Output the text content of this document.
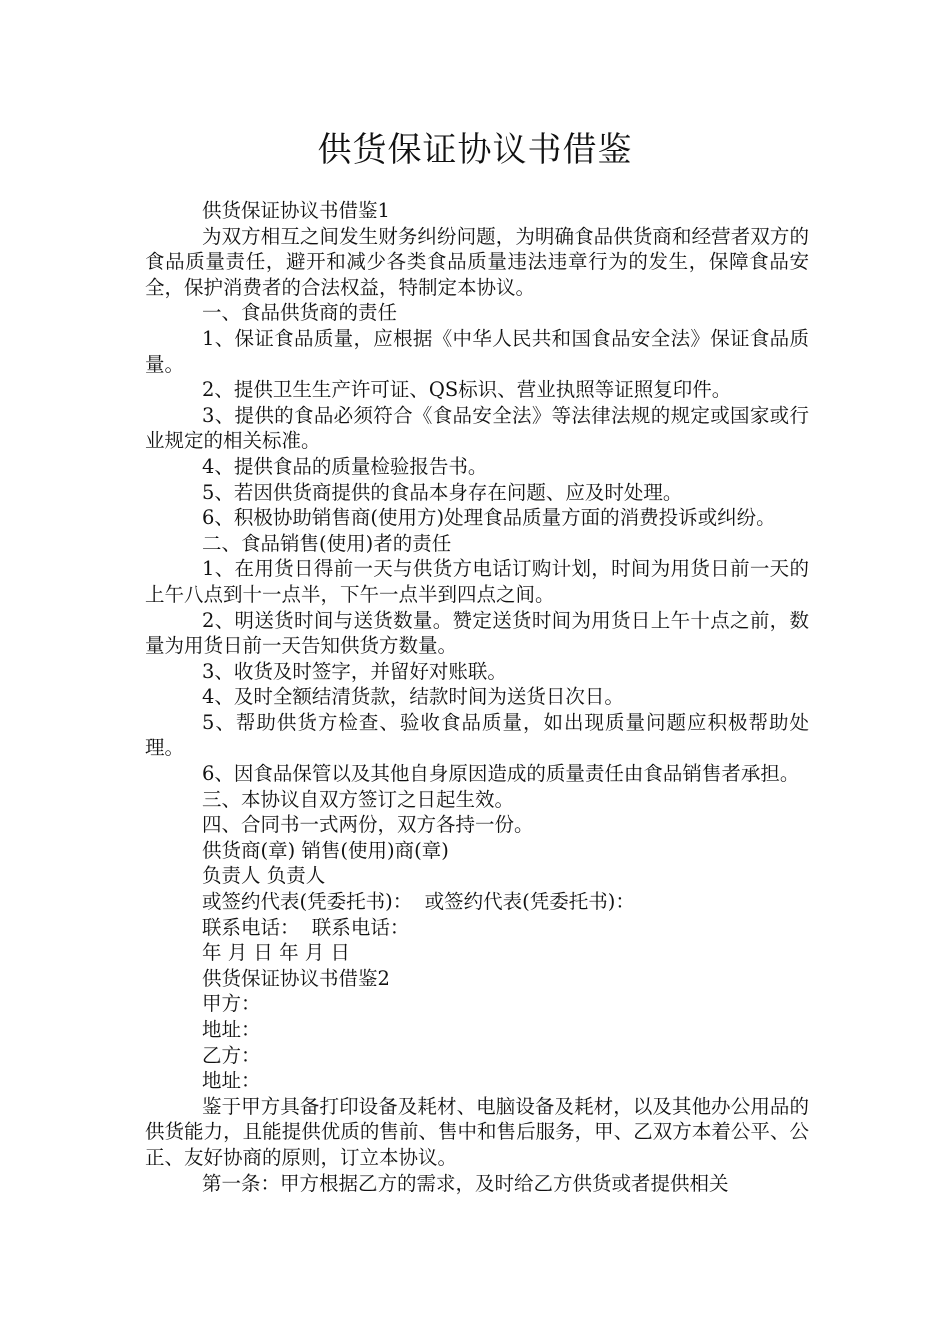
供货保证协议书借鉴

供货保证协议书借鉴1

为双方相互之间发生财务纠纷问题，为明确食品供货商和经营者双方的食品质量责任，避开和减少各类食品质量违法违章行为的发生，保障食品安全，保护消费者的合法权益，特制定本协议。

一、食品供货商的责任

1、保证食品质量，应根据《中华人民共和国食品安全法》保证食品质量。

2、提供卫生生产许可证、QS标识、营业执照等证照复印件。

3、提供的食品必须符合《食品安全法》等法律法规的规定或国家或行业规定的相关标准。

4、提供食品的质量检验报告书。

5、若因供货商提供的食品本身存在问题、应及时处理。

6、积极协助销售商(使用方)处理食品质量方面的消费投诉或纠纷。

二、食品销售(使用)者的责任

1、在用货日得前一天与供货方电话订购计划，时间为用货日前一天的上午八点到十一点半，下午一点半到四点之间。

2、明送货时间与送货数量。赞定送货时间为用货日上午十点之前，数量为用货日前一天告知供货方数量。

3、收货及时签字，并留好对账联。

4、及时全额结清货款，结款时间为送货日次日。

5、帮助供货方检查、验收食品质量，如出现质量问题应积极帮助处理。

6、因食品保管以及其他自身原因造成的质量责任由食品销售者承担。

三、本协议自双方签订之日起生效。

四、合同书一式两份，双方各持一份。

供货商(章) 销售(使用)商(章)

负责人 负责人

或签约代表(凭委托书)：  或签约代表(凭委托书)：

联系电话：  联系电话：

年 月 日 年 月 日

供货保证协议书借鉴2

甲方：

地址：

乙方：

地址：

鉴于甲方具备打印设备及耗材、电脑设备及耗材，以及其他办公用品的供货能力，且能提供优质的售前、售中和售后服务，甲、乙双方本着公平、公正、友好协商的原则，订立本协议。

第一条：甲方根据乙方的需求，及时给乙方供货或者提供相关
